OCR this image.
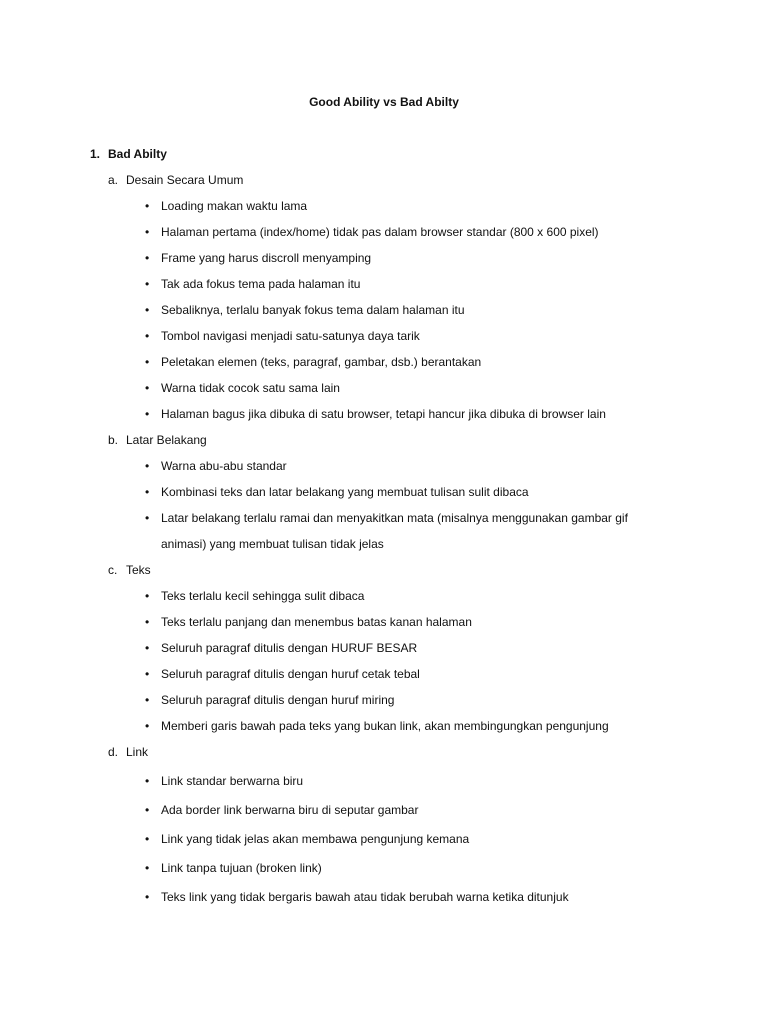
Good Ability vs Bad Abilty
1. Bad Abilty
a. Desain Secara Umum
• Loading makan waktu lama
• Halaman pertama (index/home) tidak pas dalam browser standar (800 x 600 pixel)
• Frame yang harus discroll menyamping
• Tak ada fokus tema pada halaman itu
• Sebaliknya, terlalu banyak fokus tema dalam halaman itu
• Tombol navigasi menjadi satu-satunya daya tarik
• Peletakan elemen (teks, paragraf, gambar, dsb.) berantakan
• Warna tidak cocok satu sama lain
• Halaman bagus jika dibuka di satu browser, tetapi hancur jika dibuka di browser lain
b. Latar Belakang
• Warna abu-abu standar
• Kombinasi teks dan latar belakang yang membuat tulisan sulit dibaca
• Latar belakang terlalu ramai dan menyakitkan mata (misalnya menggunakan gambar gif
animasi) yang membuat tulisan tidak jelas
c. Teks
• Teks terlalu kecil sehingga sulit dibaca
• Teks terlalu panjang dan menembus batas kanan halaman
• Seluruh paragraf ditulis dengan HURUF BESAR
• Seluruh paragraf ditulis dengan huruf cetak tebal
• Seluruh paragraf ditulis dengan huruf miring
• Memberi garis bawah pada teks yang bukan link, akan membingungkan pengunjung
d. Link
• Link standar berwarna biru
• Ada border link berwarna biru di seputar gambar
• Link yang tidak jelas akan membawa pengunjung kemana
• Link tanpa tujuan (broken link)
• Teks link yang tidak bergaris bawah atau tidak berubah warna ketika ditunjuk
